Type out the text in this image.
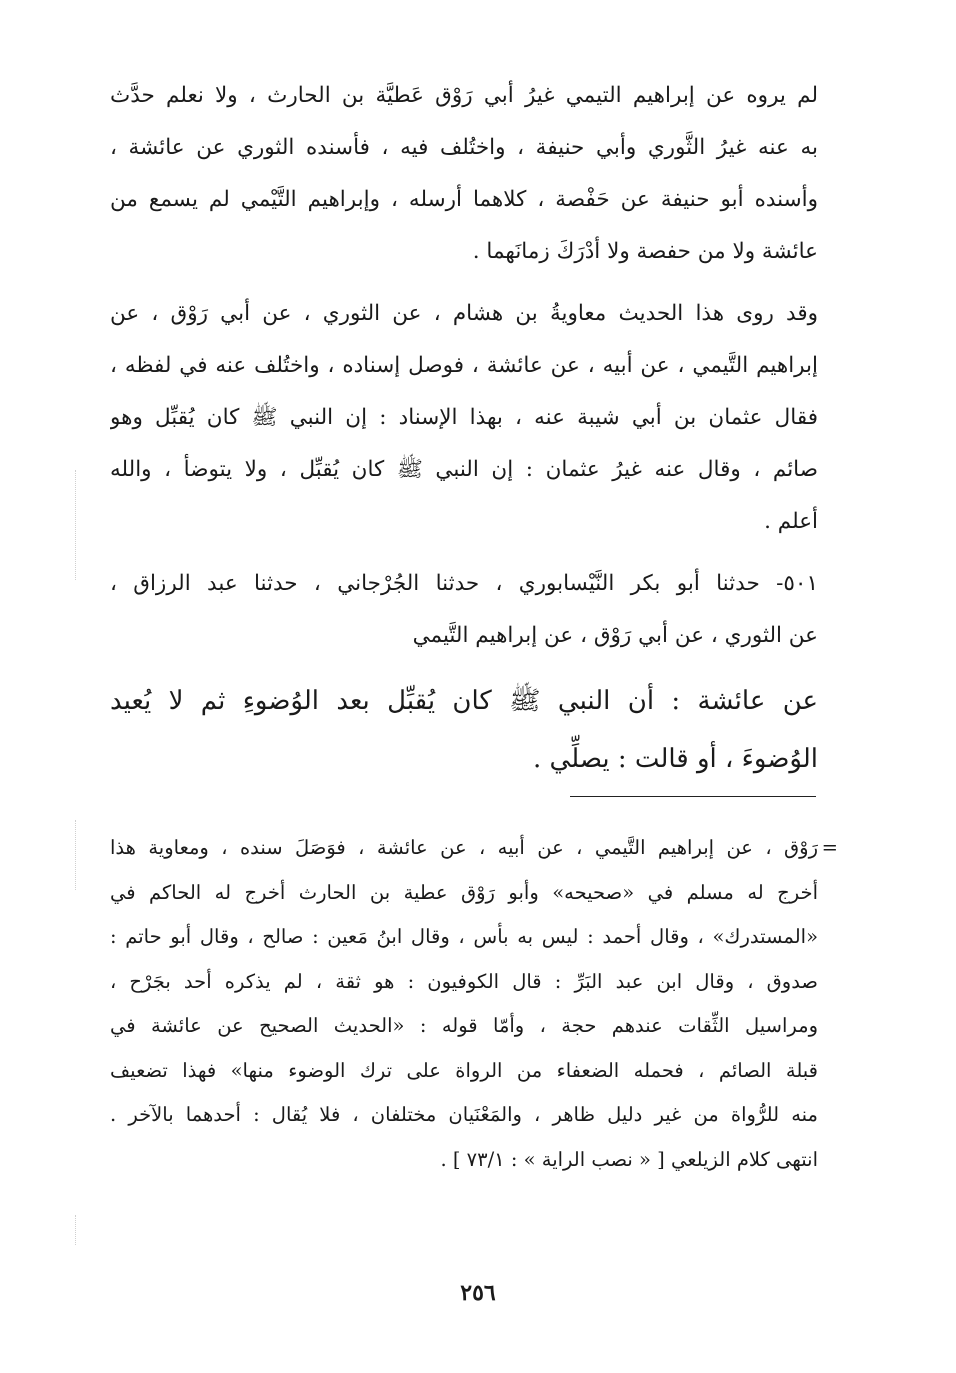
لم يروه عن إبراهيم التيمي غيرُ أبي رَوْق عَطيَّة بن الحارث ، ولا نعلم حدَّث
به عنه غيرُ الثَّوري وأبي حنيفة ، واختُلف فيه ، فأسنده الثوري عن عائشة ،
وأسنده أبو حنيفة عن حَفْصة ، كلاهما أرسله ، وإبراهيم التَّيْمي لم يسمع من
عائشة ولا من حفصة ولا أدْرَكَ زمانَهما .
وقد روى هذا الحديث معاويةُ بن هشام ، عن الثوري ، عن أبي رَوْق ، عن
إبراهيم التَّيمي ، عن أبيه ، عن عائشة ، فوصل إسناده ، واختُلف عنه في لفظه ،
فقال عثمان بن أبي شيبة عنه ، بهذا الإسناد : إن النبي ﷺ كان يُقبِّل وهو
صائم ، وقال عنه غيرُ عثمان : إن النبي ﷺ كان يُقبِّل ، ولا يتوضأ ، والله
أعلم .
٥٠١- حدثنا أبو بكر النَّيْسابوري ، حدثنا الجُرْجاني ، حدثنا عبد الرزاق ،
عن الثوري ، عن أبي رَوْق ، عن إبراهيم التَّيمي
عن عائشة : أن النبي ﷺ كان يُقبِّل بعد الوُضوءِ ثم لا يُعيد
الوُضوءَ ، أو قالت : يصلِّي .
=
رَوْق ، عن إبراهيم التَّيمي ، عن أبيه ، عن عائشة ، فوَصَلَ سنده ، ومعاوية هذا
أخرج له مسلم في «صحيحه» وأبو رَوْق عطية بن الحارث أخرج له الحاكم في
«المستدرك» ، وقال أحمد : ليس به بأس ، وقال ابنُ مَعين : صالح ، وقال أبو حاتم :
صدوق ، وقال ابن عبد البَرِّ : قال الكوفيون : هو ثقة ، لم يذكره أحد بجَرْح ،
ومراسيل الثِّقات عندهم حجة ، وأمّا قوله : «الحديث الصحيح عن عائشة في
قبلة الصائم ، فحمله الضعفاء من الرواة على ترك الوضوء منها» فهذا تضعيف
منه للرُّواة من غير دليل ظاهر ، والمَعْنَيان مختلفان ، فلا يُقال : أحدهما بالآخر .
انتهى كلام الزيلعي [ « نصب الراية » : ٧٣/١ ] .
٢٥٦
